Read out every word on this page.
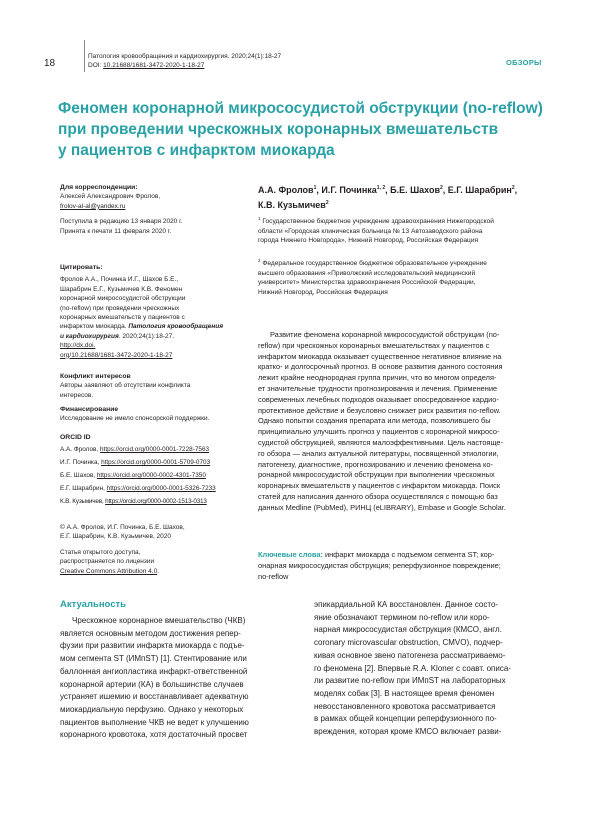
18
Патология кровообращения и кардиохирургия. 2020;24(1):18-27
DOI: 10.21688/1681-3472-2020-1-18-27	ОБЗОРЫ
Феномен коронарной микрососудистой обструкции (no-reflow)
при проведении чрескожных коронарных вмешательств
у пациентов с инфарктом миокарда

Для корреспонденции:

Алексей Александрович Фролов,

frolov-al-al@yandex.ru

Поступила в редакцию 13 января 2020 г.

Принята к печати 11 февраля 2020 г.

Цитировать:

Фролов А.А., Починка И.Г., Шахов Б.Е.,

Шарабрин Е.Г., Кузьмичев К.В. Феномен

коронарной микрососудистой обструкции

(no-reflow) при проведении чрескожных

коронарных вмешательств у пациентов с

инфарктом миокарда. Патология кровообращения

и кардиохирургия. 2020;24(1):18-27.

http://dx.doi.

org/10.21688/1681-3472-2020-1-18-27

Конфликт интересов

Авторы заявляют об отсутствии конфликта

интересов.

Финансирование

Исследование не имело спонсорской поддержки.

ORCID ID

А.А. Фролов, https://orcid.org/0000-0001-7228-7563

И.Г. Починка, https://orcid.org/0000-0001-5709-0703

Б.Е. Шахов, https://orcid.org/0000-0002-4301-7350

Е.Г. Шарабрин, https://orcid.org/0000-0001-5326-7233

К.В. Кузьмичев, https://orcid.org/0000-0002-1513-0313

© А.А. Фролов, И.Г. Починка, Б.Е. Шахов,

Е.Г. Шарабрин, К.В. Кузьмичев, 2020

Статья открытого доступа,

распространяется по лицензии

Creative Commons Attribution 4.0.

А.А. Фролов$^1$, И.Г. Починка$^{1, 2}$, Б.Е. Шахов$^2$, Е.Г. Шарабрин$^2$,
К.В. Кузьмичев$^2$
$^1$ Государственное бюджетное учреждение здравоохранения Нижегородской
области «Городская клиническая больница № 13 Автозаводского района
города Нижнего Новгорода», Нижний Новгород, Российская Федерация
$^2$ Федеральное государственное бюджетное образовательное учреждение
высшего образования «Приволжский исследовательский медицинский
университет» Министерства здравоохранения Российской Федерации,
Нижний Новгород, Российская Федерация
Развитие феномена коронарной микрососудистой обструкции (no-
reflow) при чрескожных коронарных вмешательствах у пациентов с
инфарктом миокарда оказывает существенное негативное влияние на
кратко- и долгосрочный прогноз. В основе развития данного состояния
лежит крайне неоднородная группа причин, что во многом определя-
ет значительные трудности прогнозирования и лечения. Применение
современных лечебных подходов оказывает опосредованное кардио-
протективное действие и безусловно снижает риск развития no-reflow.
Однако попытки создания препарата или метода, позволившего бы
принципиально улучшить прогноз у пациентов с коронарной микросо-
судистой обструкцией, являются малоэффективными. Цель настояще-
го обзора — анализ актуальной литературы, посвященной этиологии,
патогенезу, диагностике, прогнозированию и лечению феномена ко-
ронарной микрососудистой обструкции при выполнении чрескожных
коронарных вмешательств у пациентов с инфарктом миокарда. Поиск
статей для написания данного обзора осуществлялся с помощью баз
данных Medline (PubMed), РИНЦ (eLIBRARY), Embase и Google Scholar.
Ключевые слова: инфаркт миокарда с подъемом сегмента ST; кор-
онарная микрососудистая обструкция; реперфузионное повреждение;
no-reflow
Актуальность

Чрескожное коронарное вмешательство (ЧКВ)

является основным методом достижения репер-

фузии при развитии инфаркта миокарда с подъе-

мом сегмента ST (ИМпST) [1]. Стентирование или

баллонная ангиопластика инфаркт-ответственной

коронарной артерии (КА) в большинстве случаев

устраняет ишемию и восстанавливает адекватную

миокардиальную перфузию. Однако у некоторых

пациентов выполнение ЧКВ не ведет к улучшению

коронарного кровотока, хотя достаточный просвет

эпикардиальной КА восстановлен. Данное состо-

яние обозначают термином no-reflow или коро-

нарная микрососудистая обструкция (КМСО, англ.

coronary microvascular obstruction, CMVO), подчер-

кивая основное звено патогенеза рассматриваемо-

го феномена [2]. Впервые R.A. Kloner с соавт. описа-

ли развитие no-reflow при ИМпST на лабораторных

моделях собак [3]. В настоящее время феномен

невосстановленного кровотока рассматривается

в рамках общей концепции реперфузионного по-

вреждения, которая кроме КМСО включает разви-
